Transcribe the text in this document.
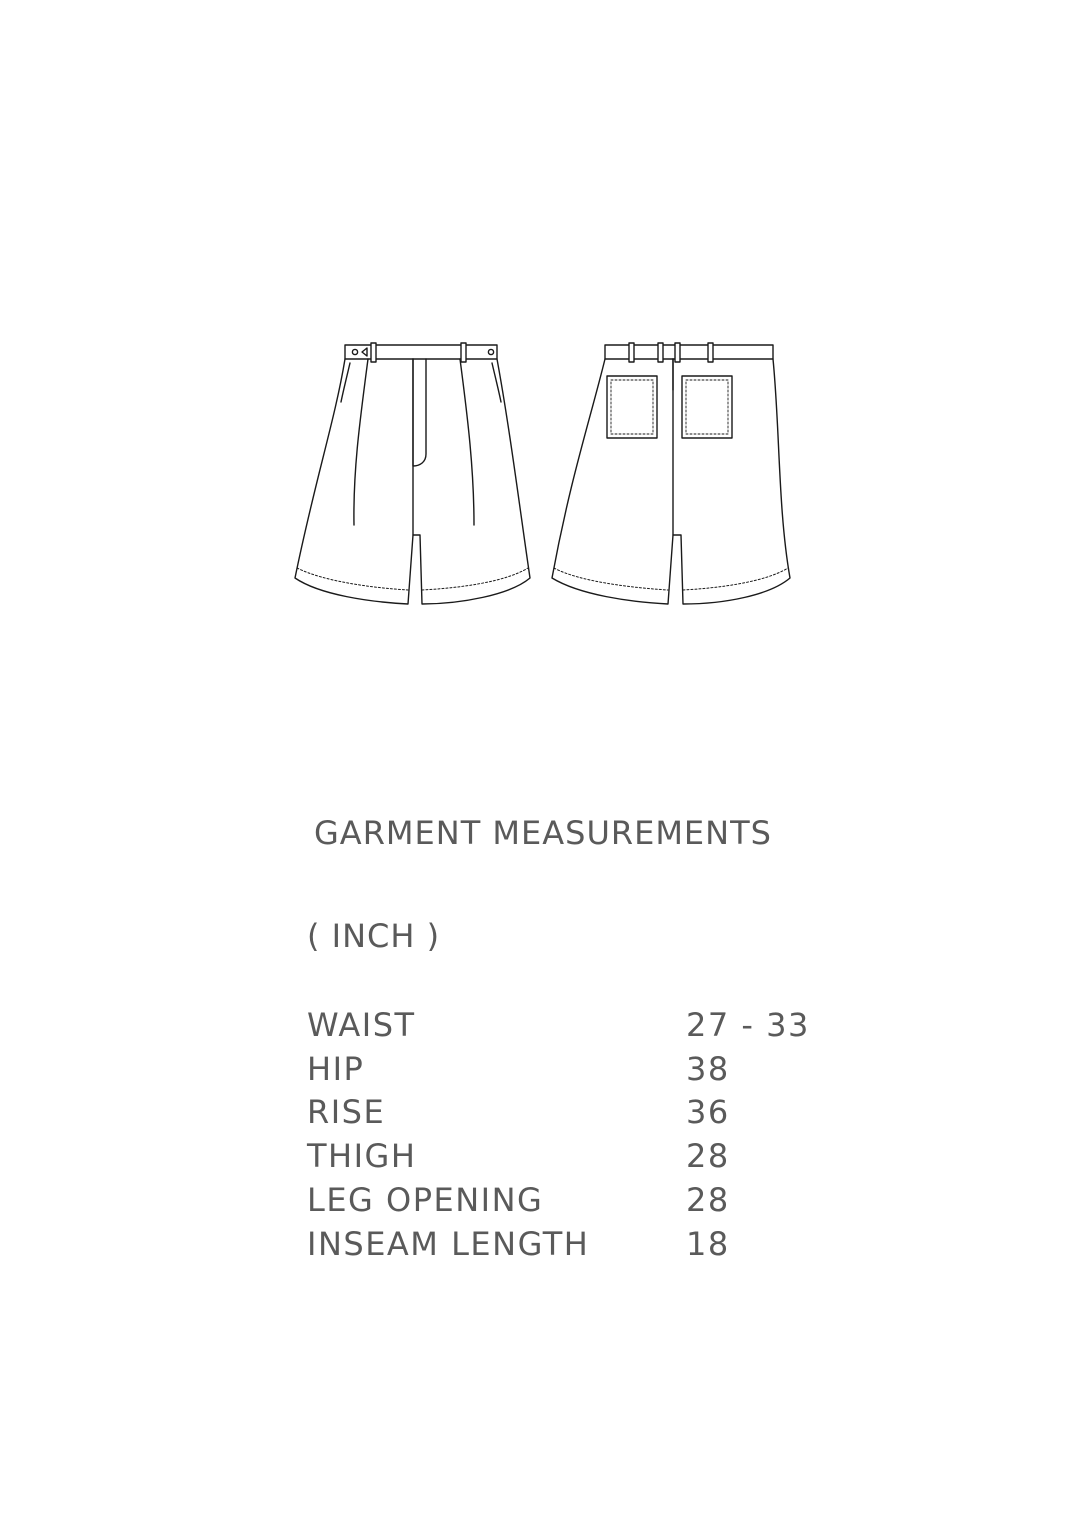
GARMENT MEASUREMENTS
( INCH )
WAIST	27 - 33
HIP	38
RISE	36
THIGH	28
LEG OPENING	28
INSEAM LENGTH	18
